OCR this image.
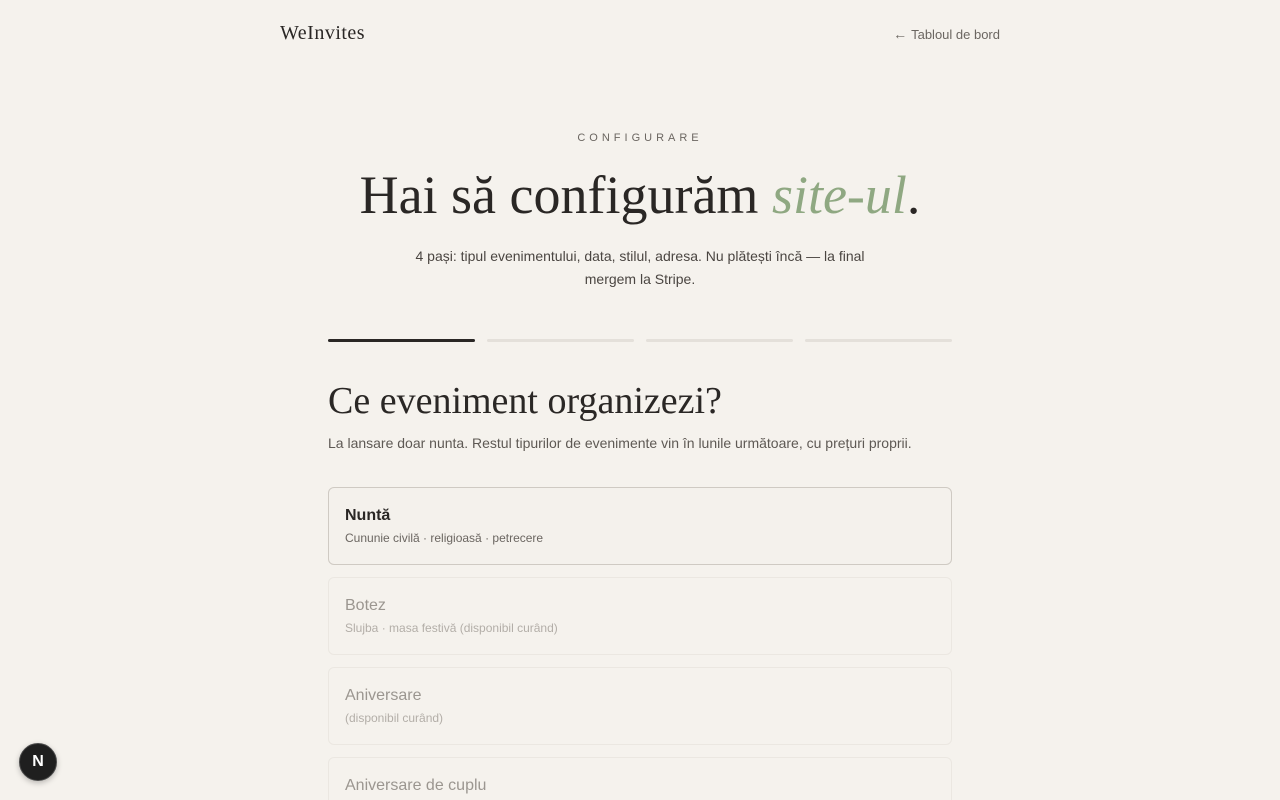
WeInvites	← Tabloul de bord
CONFIGURARE
Hai să configurăm site-ul.

4 pași: tipul evenimentului, data, stilul, adresa. Nu plătești încă — la final mergem la Stripe.

Ce eveniment organizezi?

La lansare doar nunta. Restul tipurilor de evenimente vin în lunile următoare, cu prețuri proprii.

Nuntă
Cununie civilă · religioasă · petrecere
Botez
Slujba · masa festivă (disponibil curând)
Aniversare
(disponibil curând)
Aniversare de cuplu
N
